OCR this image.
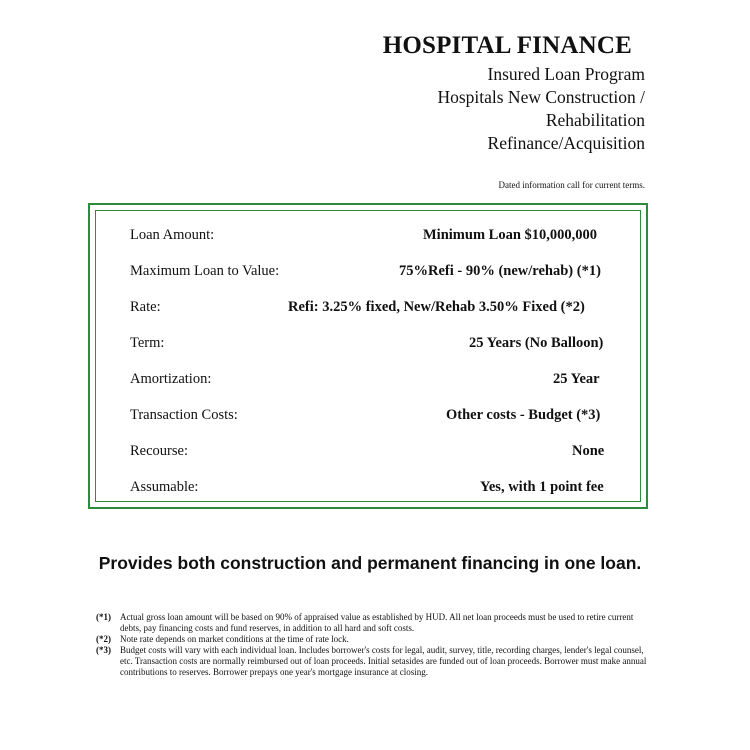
HOSPITAL FINANCE
Insured Loan Program
Hospitals New Construction /
Rehabilitation
Refinance/Acquisition
Dated information call for current terms.
Loan Amount:	Minimum Loan $10,000,000
Maximum Loan to Value:	75%Refi - 90% (new/rehab) (*1)
Rate:	Refi: 3.25% fixed, New/Rehab 3.50% Fixed (*2)
Term:	25 Years (No Balloon)
Amortization:	25 Year
Transaction Costs:	Other costs - Budget (*3)
Recourse:	None
Assumable:	Yes, with 1 point fee
Provides both construction and permanent financing in one loan.
(*1) Actual gross loan amount will be based on 90% of appraised value as established by HUD. All net loan proceeds must be used to retire current debts, pay financing costs and fund reserves, in addition to all hard and soft costs.
(*2) Note rate depends on market conditions at the time of rate lock.
(*3) Budget costs will vary with each individual loan. Includes borrower's costs for legal, audit, survey, title, recording charges, lender's legal counsel, etc. Transaction costs are normally reimbursed out of loan proceeds. Initial setasides are funded out of loan proceeds. Borrower must make annual contributions to reserves. Borrower prepays one year's mortgage insurance at closing.
